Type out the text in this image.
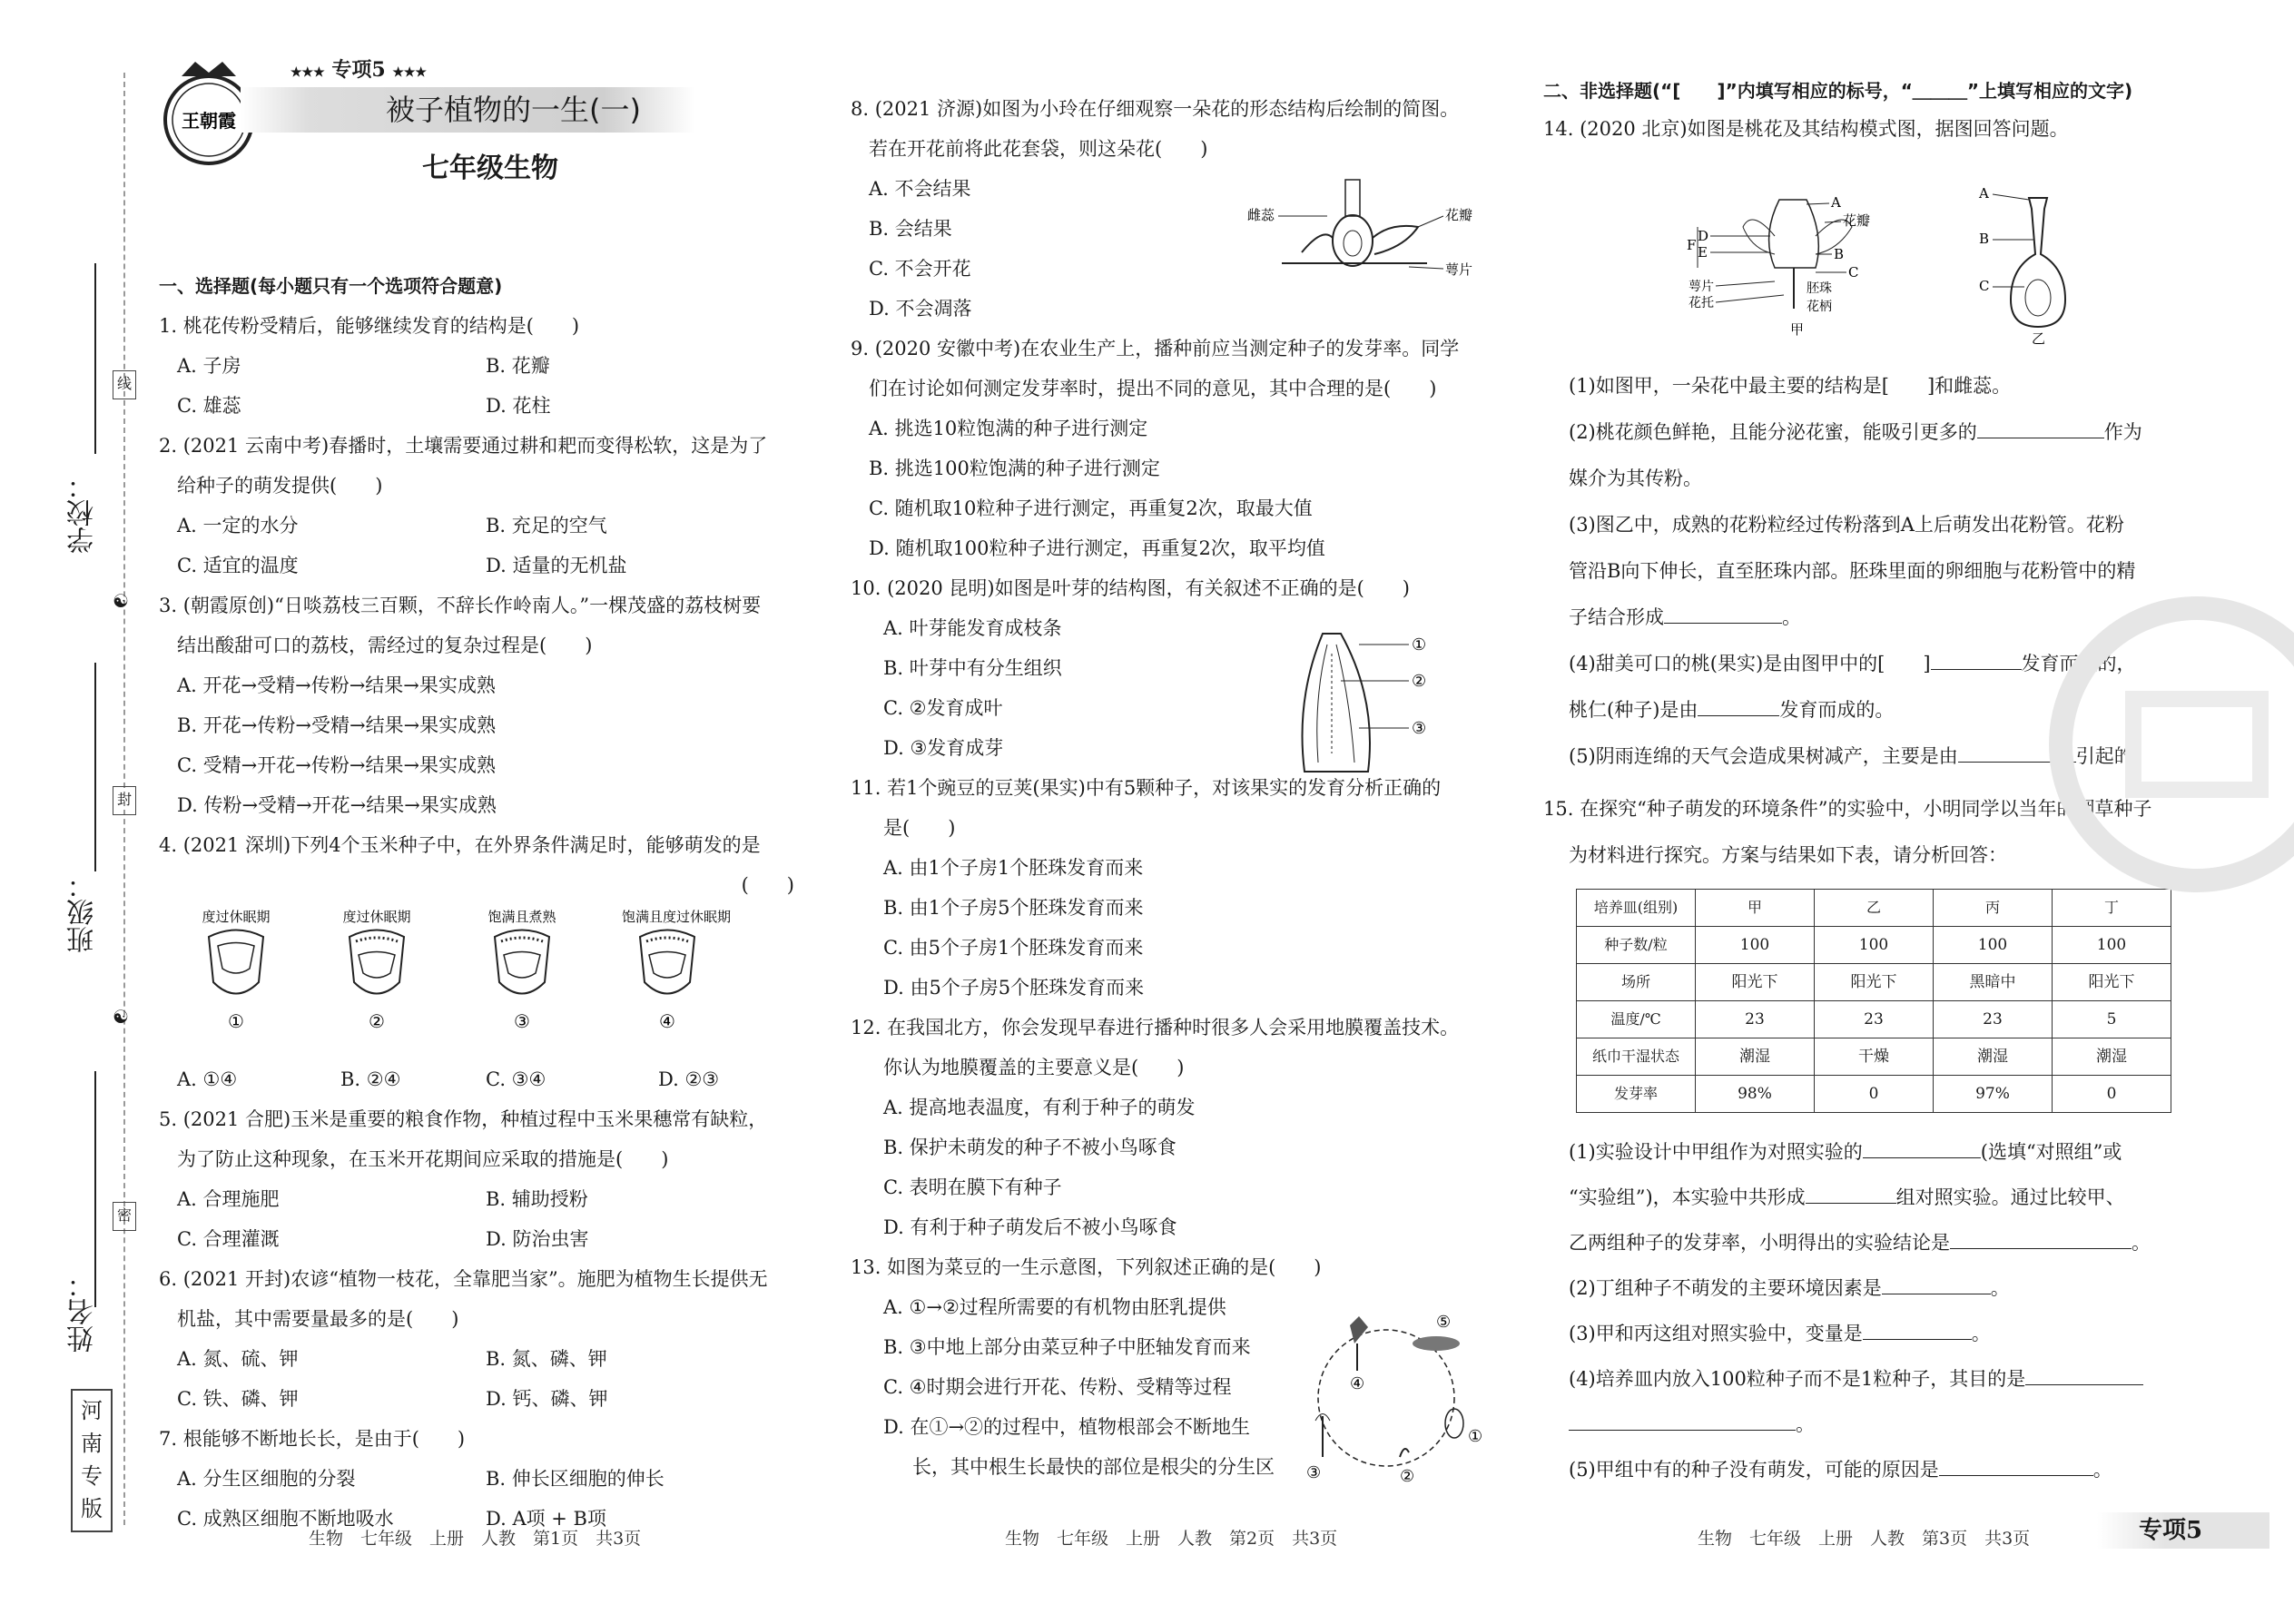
线
封
密
☯
☯
学校：
班级：
姓名：
河
南
专
版
王朝霞
★★★ 专项5 ★★★
被子植物的一生(一)
七年级生物

一、选择题(每小题只有一个选项符合题意)

1. 桃花传粉受精后，能够继续发育的结构是(　　)

A. 子房	B. 花瓣
C. 雄蕊	D. 花柱

2. (2021 云南中考)春播时，土壤需要通过耕和耙而变得松软，这是为了

给种子的萌发提供(　　)

A. 一定的水分	B. 充足的空气
C. 适宜的温度	D. 适量的无机盐

3. (朝霞原创)“日啖荔枝三百颗，不辞长作岭南人。”一棵茂盛的荔枝树要

结出酸甜可口的荔枝，需经过的复杂过程是(　　)

A. 开花→受精→传粉→结果→果实成熟

B. 开花→传粉→受精→结果→果实成熟

C. 受精→开花→传粉→结果→果实成熟

D. 传粉→受精→开花→结果→果实成熟

4. (2021 深圳)下列4个玉米种子中，在外界条件满足时，能够萌发的是

(　　)

度过休眠期
①
度过休眠期
②
饱满且煮熟
③
饱满且度过休眠期
④
A. ①④	B. ②④	C. ③④	D. ②③

5. (2021 合肥)玉米是重要的粮食作物，种植过程中玉米果穗常有缺粒，

为了防止这种现象，在玉米开花期间应采取的措施是(　　)

A. 合理施肥	B. 辅助授粉
C. 合理灌溉	D. 防治虫害

6. (2021 开封)农谚“植物一枝花，全靠肥当家”。施肥为植物生长提供无

机盐，其中需要量最多的是(　　)

A. 氮、硫、钾	B. 氮、磷、钾
C. 铁、磷、钾	D. 钙、磷、钾

7. 根能够不断地长长，是由于(　　)

A. 分生区细胞的分裂	B. 伸长区细胞的伸长
C. 成熟区细胞不断地吸水	D. A项 + B项
生物　七年级　上册　人教　第1页　共3页

8. (2021 济源)如图为小玲在仔细观察一朵花的形态结构后绘制的简图。

若在开花前将此花套袋，则这朵花(　　)

A. 不会结果

B. 会结果

C. 不会开花

D. 不会凋落

9. (2020 安徽中考)在农业生产上，播种前应当测定种子的发芽率。同学

们在讨论如何测定发芽率时，提出不同的意见，其中合理的是(　　)

A. 挑选10粒饱满的种子进行测定

B. 挑选100粒饱满的种子进行测定

C. 随机取10粒种子进行测定，再重复2次，取最大值

D. 随机取100粒种子进行测定，再重复2次，取平均值

10. (2020 昆明)如图是叶芽的结构图，有关叙述不正确的是(　　)

A. 叶芽能发育成枝条

B. 叶芽中有分生组织

C. ②发育成叶

D. ③发育成芽

11. 若1个豌豆的豆荚(果实)中有5颗种子，对该果实的发育分析正确的

是(　　)

A. 由1个子房1个胚珠发育而来

B. 由1个子房5个胚珠发育而来

C. 由5个子房1个胚珠发育而来

D. 由5个子房5个胚珠发育而来

12. 在我国北方，你会发现早春进行播种时很多人会采用地膜覆盖技术。

你认为地膜覆盖的主要意义是(　　)

A. 提高地表温度，有利于种子的萌发

B. 保护未萌发的种子不被小鸟啄食

C. 表明在膜下有种子

D. 有利于种子萌发后不被小鸟啄食

13. 如图为菜豆的一生示意图，下列叙述正确的是(　　)

A. ①→②过程所需要的有机物由胚乳提供

B. ③中地上部分由菜豆种子中胚轴发育而来

C. ④时期会进行开花、传粉、受精等过程

D. 在①→②的过程中，植物根部会不断地生

长，其中根生长最快的部位是根尖的分生区

雌蕊	花瓣
萼片
①
②
③
④
⑤
①
②
③
生物　七年级　上册　人教　第2页　共3页

二、非选择题(“[　　]”内填写相应的标号，“＿＿＿”上填写相应的文字)

14. (2020 北京)如图是桃花及其结构模式图，据图回答问题。

A
花瓣
B
C
D
E
F
萼片
花托
胚珠
花柄
甲
A
B
C
乙

(1)如图甲，一朵花中最主要的结构是[　　]和雌蕊。

(2)桃花颜色鲜艳，且能分泌花蜜，能吸引更多的	作为

媒介为其传粉。

(3)图乙中，成熟的花粉粒经过传粉落到A上后萌发出花粉管。花粉

管沿B向下伸长，直至胚珠内部。胚珠里面的卵细胞与花粉管中的精

子结合形成	。

(4)甜美可口的桃(果实)是由图甲中的[　　]	发育而成的，

桃仁(种子)是由	发育而成的。

(5)阴雨连绵的天气会造成果树减产，主要是由	引起的。

15. 在探究“种子萌发的环境条件”的实验中，小明同学以当年的烟草种子

为材料进行探究。方案与结果如下表，请分析回答：

培养皿(组别)	甲	乙	丙	丁
种子数/粒	100	100	100	100
场所	阳光下	阳光下	黑暗中	阳光下
温度/℃	23	23	23	5
纸巾干湿状态	潮湿	干燥	潮湿	潮湿
发芽率	98%	0	97%	0

(1)实验设计中甲组作为对照实验的	(选填“对照组”或

“实验组”)，本实验中共形成	组对照实验。通过比较甲、

乙两组种子的发芽率，小明得出的实验结论是	。

(2)丁组种子不萌发的主要环境因素是	。

(3)甲和丙这组对照实验中，变量是	。

(4)培养皿内放入100粒种子而不是1粒种子，其目的是

。

(5)甲组中有的种子没有萌发，可能的原因是	。

生物　七年级　上册　人教　第3页　共3页	专项5
